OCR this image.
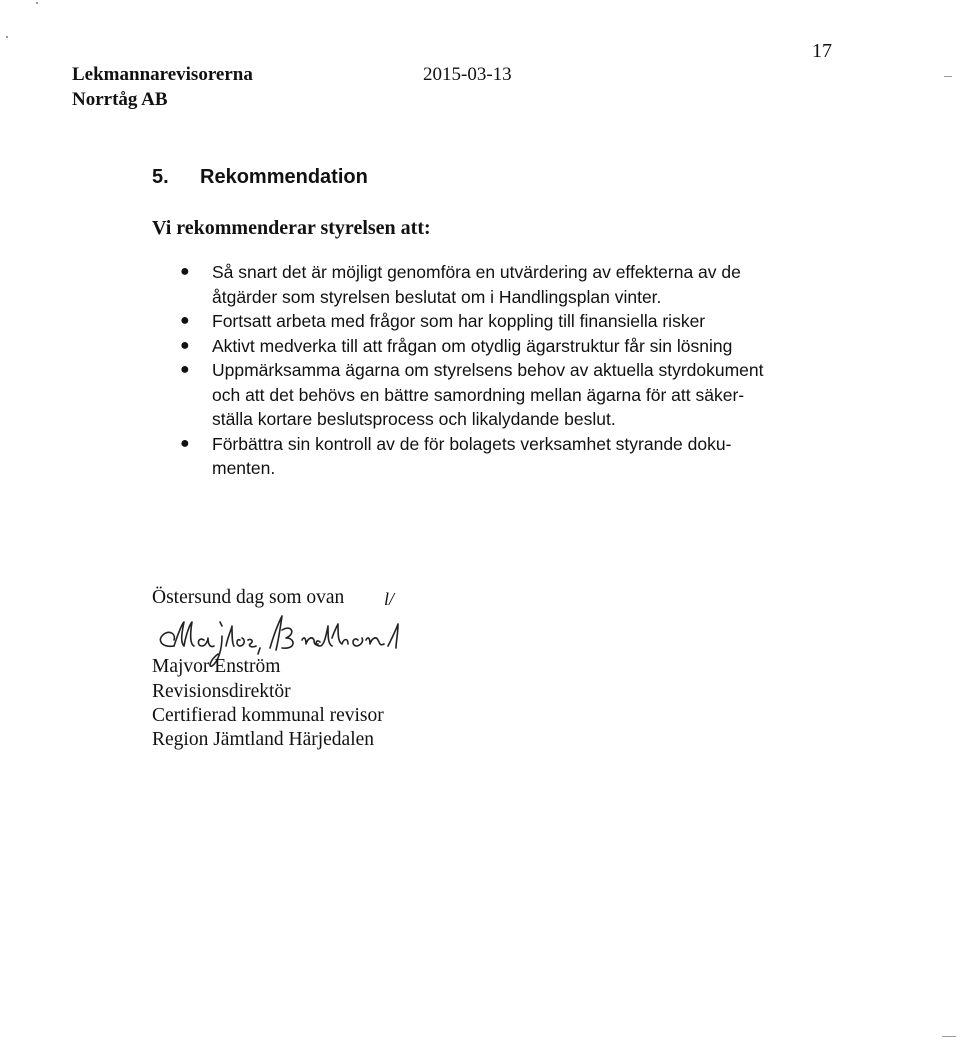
17
Lekmannarevisorerna
Norrtåg AB
2015-03-13
5. Rekommendation
Vi rekommenderar styrelsen att:
● Så snart det är möjligt genomföra en utvärdering av effekterna av de
åtgärder som styrelsen beslutat om i Handlingsplan vinter.
● Fortsatt arbeta med frågor som har koppling till finansiella risker
● Aktivt medverka till att frågan om otydlig ägarstruktur får sin lösning
● Uppmärksamma ägarna om styrelsens behov av aktuella styrdokument
och att det behövs en bättre samordning mellan ägarna för att säker-
ställa kortare beslutsprocess och likalydande beslut.
● Förbättra sin kontroll av de för bolagets verksamhet styrande doku-
menten.
Östersund dag som ovan l/
Majvor Enström
Revisionsdirektör
Certifierad kommunal revisor
Region Jämtland Härjedalen
